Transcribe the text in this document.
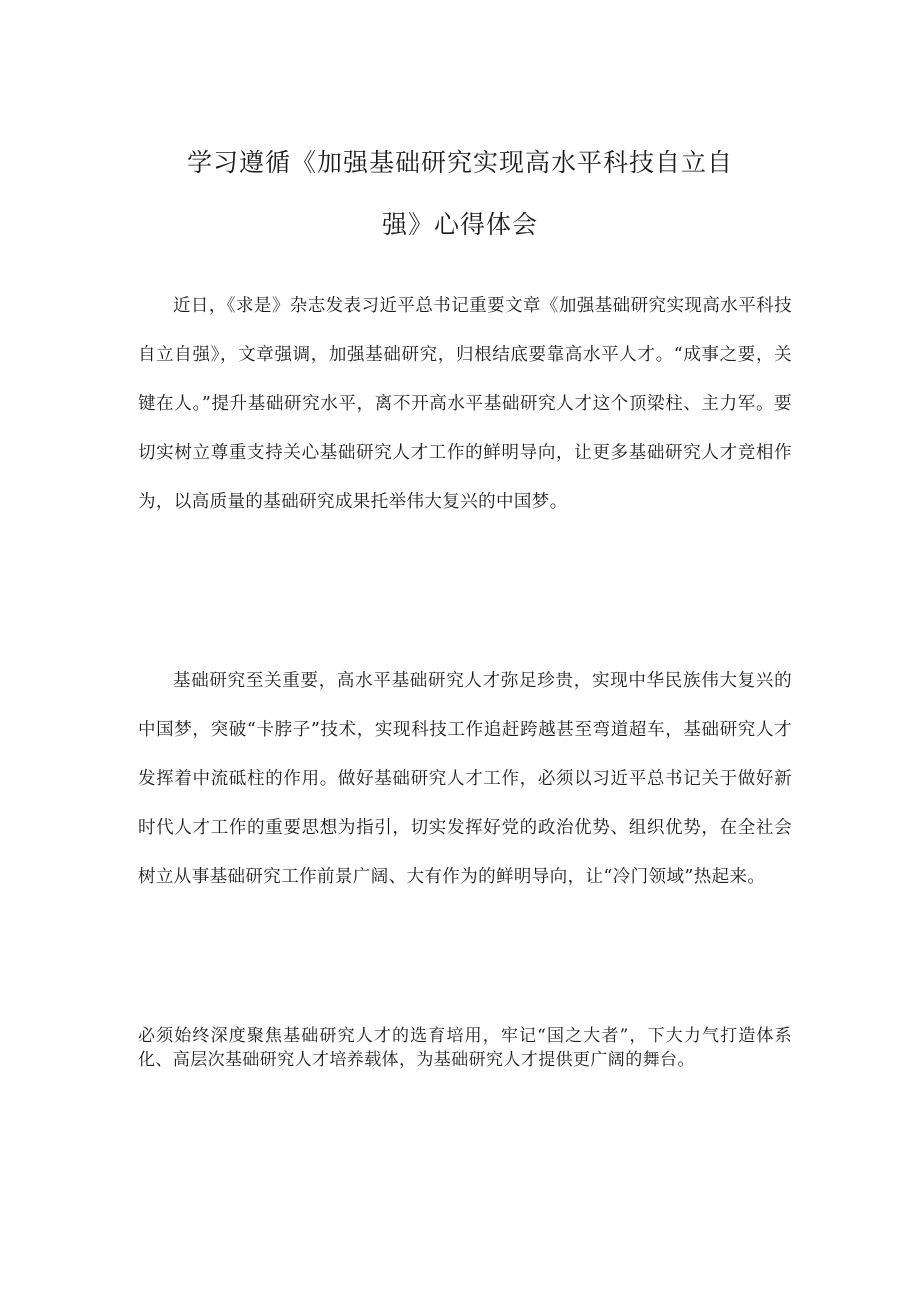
学习遵循《加强基础研究实现高水平科技自立自
强》心得体会

近日，《求是》杂志发表习近平总书记重要文章《加强基础研究实现高水平科技自立自强》，文章强调，加强基础研究，归根结底要靠高水平人才。“成事之要，关键在人。”提升基础研究水平，离不开高水平基础研究人才这个顶梁柱、主力军。要切实树立尊重支持关心基础研究人才工作的鲜明导向，让更多基础研究人才竞相作为，以高质量的基础研究成果托举伟大复兴的中国梦。

基础研究至关重要，高水平基础研究人才弥足珍贵，实现中华民族伟大复兴的中国梦，突破“卡脖子”技术，实现科技工作追赶跨越甚至弯道超车，基础研究人才发挥着中流砥柱的作用。做好基础研究人才工作，必须以习近平总书记关于做好新时代人才工作的重要思想为指引，切实发挥好党的政治优势、组织优势，在全社会树立从事基础研究工作前景广阔、大有作为的鲜明导向，让“冷门领域”热起来。

必须始终深度聚焦基础研究人才的选育培用，牢记“国之大者”，下大力气打造体系化、高层次基础研究人才培养载体，为基础研究人才提供更广阔的舞台。
